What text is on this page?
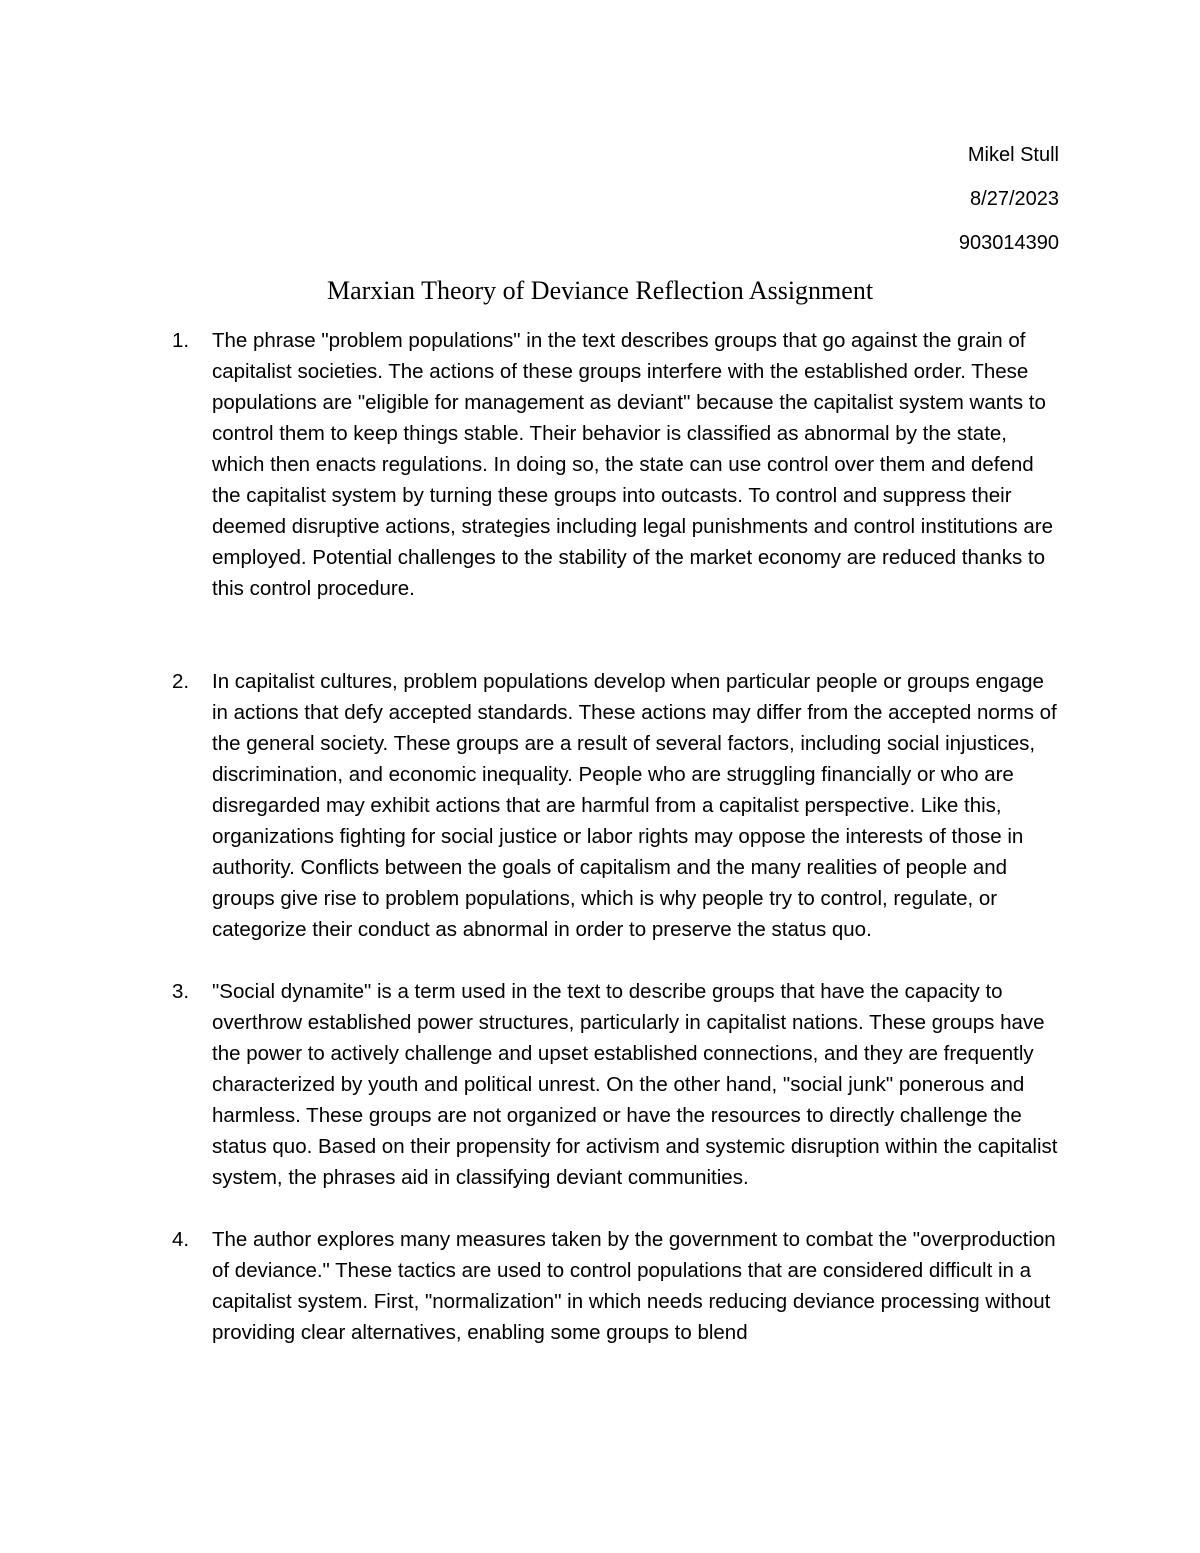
Mikel Stull
8/27/2023
903014390
Marxian Theory of Deviance Reflection Assignment
1.	The phrase "problem populations" in the text describes groups that go against the grain of capitalist societies. The actions of these groups interfere with the established order. These populations are "eligible for management as deviant" because the capitalist system wants to control them to keep things stable. Their behavior is classified as abnormal by the state, which then enacts regulations. In doing so, the state can use control over them and defend the capitalist system by turning these groups into outcasts. To control and suppress their deemed disruptive actions, strategies including legal punishments and control institutions are employed. Potential challenges to the stability of the market economy are reduced thanks to this control procedure.
2.	In capitalist cultures, problem populations develop when particular people or groups engage in actions that defy accepted standards. These actions may differ from the accepted norms of the general society. These groups are a result of several factors, including social injustices, discrimination, and economic inequality. People who are struggling financially or who are disregarded may exhibit actions that are harmful from a capitalist perspective. Like this, organizations fighting for social justice or labor rights may oppose the interests of those in authority. Conflicts between the goals of capitalism and the many realities of people and groups give rise to problem populations, which is why people try to control, regulate, or categorize their conduct as abnormal in order to preserve the status quo.
3.	"Social dynamite" is a term used in the text to describe groups that have the capacity to overthrow established power structures, particularly in capitalist nations. These groups have the power to actively challenge and upset established connections, and they are frequently characterized by youth and political unrest. On the other hand, "social junk" ponerous and harmless. These groups are not organized or have the resources to directly challenge the status quo. Based on their propensity for activism and systemic disruption within the capitalist system, the phrases aid in classifying deviant communities.
4.	The author explores many measures taken by the government to combat the "overproduction of deviance." These tactics are used to control populations that are considered difficult in a capitalist system. First, "normalization" in which needs reducing deviance processing without providing clear alternatives, enabling some groups to blend
